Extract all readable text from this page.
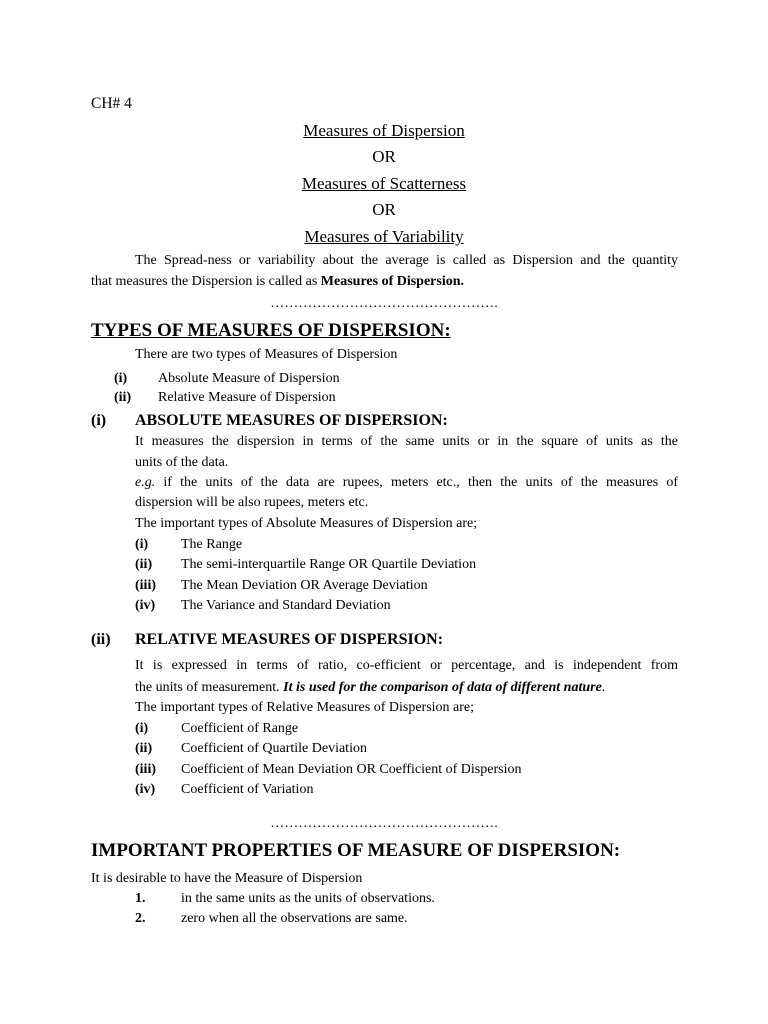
CH# 4
Measures of Dispersion
OR
Measures of Scatterness
OR
Measures of Variability
The Spread-ness or variability about the average is called as Dispersion and the quantity
that measures the Dispersion is called as Measures of Dispersion.
………………………………………….
TYPES OF MEASURES OF DISPERSION:
There are two types of Measures of Dispersion
(i) Absolute Measure of Dispersion
(ii) Relative Measure of Dispersion
(i) ABSOLUTE MEASURES OF DISPERSION:
It measures the dispersion in terms of the same units or in the square of units as the
units of the data.
e.g. if the units of the data are rupees, meters etc., then the units of the measures of
dispersion will be also rupees, meters etc.
The important types of Absolute Measures of Dispersion are;
(i) The Range
(ii) The semi-interquartile Range OR Quartile Deviation
(iii) The Mean Deviation OR Average Deviation
(iv) The Variance and Standard Deviation
(ii) RELATIVE MEASURES OF DISPERSION:
It is expressed in terms of ratio, co-efficient or percentage, and is independent from
the units of measurement. It is used for the comparison of data of different nature.
The important types of Relative Measures of Dispersion are;
(i) Coefficient of Range
(ii) Coefficient of Quartile Deviation
(iii) Coefficient of Mean Deviation OR Coefficient of Dispersion
(iv) Coefficient of Variation
………………………………………….
IMPORTANT PROPERTIES OF MEASURE OF DISPERSION:
It is desirable to have the Measure of Dispersion
1.	in the same units as the units of observations.
2.	zero when all the observations are same.
